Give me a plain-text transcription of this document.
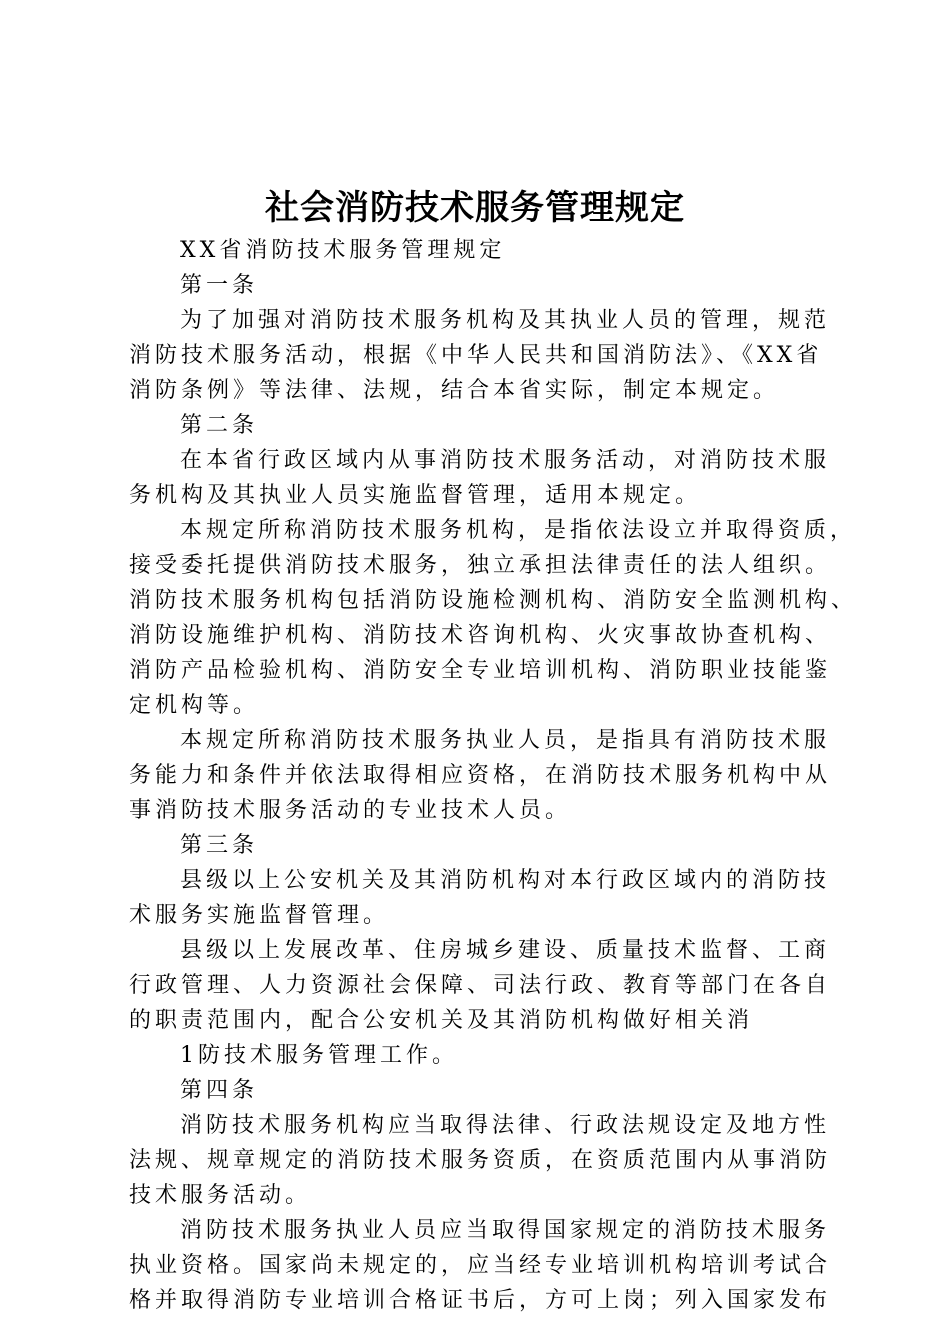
社会消防技术服务管理规定
XX省消防技术服务管理规定
第一条
为了加强对消防技术服务机构及其执业人员的管理，规范
消防技术服务活动，根据《中华人民共和国消防法》、《XX省
消防条例》等法律、法规，结合本省实际，制定本规定。
第二条
在本省行政区域内从事消防技术服务活动，对消防技术服
务机构及其执业人员实施监督管理，适用本规定。
本规定所称消防技术服务机构，是指依法设立并取得资质，
接受委托提供消防技术服务，独立承担法律责任的法人组织。
消防技术服务机构包括消防设施检测机构、消防安全监测机构、
消防设施维护机构、消防技术咨询机构、火灾事故协查机构、
消防产品检验机构、消防安全专业培训机构、消防职业技能鉴
定机构等。
本规定所称消防技术服务执业人员，是指具有消防技术服
务能力和条件并依法取得相应资格，在消防技术服务机构中从
事消防技术服务活动的专业技术人员。
第三条
县级以上公安机关及其消防机构对本行政区域内的消防技
术服务实施监督管理。
县级以上发展改革、住房城乡建设、质量技术监督、工商
行政管理、人力资源社会保障、司法行政、教育等部门在各自
的职责范围内，配合公安机关及其消防机构做好相关消
1防技术服务管理工作。
第四条
消防技术服务机构应当取得法律、行政法规设定及地方性
法规、规章规定的消防技术服务资质，在资质范围内从事消防
技术服务活动。
消防技术服务执业人员应当取得国家规定的消防技术服务
执业资格。国家尚未规定的，应当经专业培训机构培训考试合
格并取得消防专业培训合格证书后，方可上岗；列入国家发布
